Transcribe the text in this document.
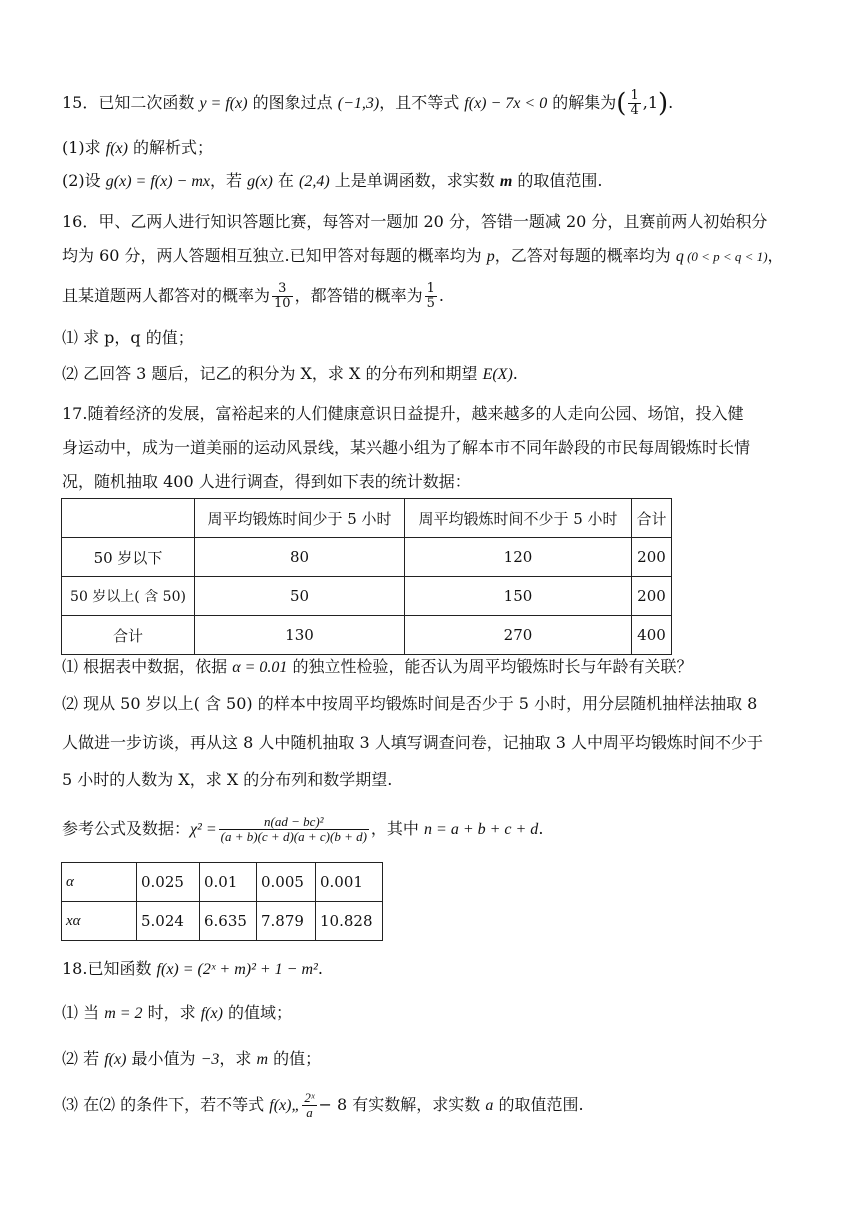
15．已知二次函数 y = f(x) 的图象过点 (−1,3)，且不等式 f(x) − 7x < 0 的解集为( $\frac{1}{4} ,1$).
(1)求 f(x) 的解析式；
(2)设 g(x) = f(x) − mx，若 g(x) 在 (2,4) 上是单调函数，求实数 m 的取值范围.
16．甲、乙两人进行知识答题比赛，每答对一题加 20 分，答错一题减 20 分，且赛前两人初始积分
均为 60 分，两人答题相互独立.已知甲答对每题的概率均为 p，乙答对每题的概率均为 q (0 < p < q < 1)，
且某道题两人都答对的概率为 $\frac{3}{10}$ ，都答错的概率为 $\frac{1}{5}$ .
⑴ 求 p，q 的值；
⑵ 乙回答 3 题后，记乙的积分为 X，求 X 的分布列和期望 E(X).
17.随着经济的发展，富裕起来的人们健康意识日益提升，越来越多的人走向公园、场馆，投入健
身运动中，成为一道美丽的运动风景线，某兴趣小组为了解本市不同年龄段的市民每周锻炼时长情
况，随机抽取 400 人进行调查，得到如下表的统计数据：
	周平均锻炼时间少于 5 小时	周平均锻炼时间不少于 5 小时	合计
50 岁以下	80	120	200
50 岁以上( 含 50)	50	150	200
合计	130	270	400
⑴ 根据表中数据，依据 α = 0.01 的独立性检验，能否认为周平均锻炼时长与年龄有关联？
⑵ 现从 50 岁以上( 含 50) 的样本中按周平均锻炼时间是否少于 5 小时，用分层随机抽样法抽取 8
人做进一步访谈，再从这 8 人中随机抽取 3 人填写调查问卷，记抽取 3 人中周平均锻炼时间不少于
5 小时的人数为 X，求 X 的分布列和数学期望.
参考公式及数据：$\chi^2 = \frac{\text{n(ad − bc)²}}{(a + b)(c + d)(a + c)(b + d)}$ ，其中 n = a + b + c + d.
α	0.025	0.01	0.005	0.001
xα	5.024	6.635	7.879	10.828
18.已知函数 f(x) = (2ˣ + m)² + 1 − m².
⑴ 当 m = 2 时，求 f(x) 的值域；
⑵ 若 f(x) 最小值为 −3，求 m 的值；
⑶ 在⑵ 的条件下，若不等式 f(x)„ $\frac{\text{2ˣ}}{a} - 8$ 有实数解，求实数 a 的取值范围.
